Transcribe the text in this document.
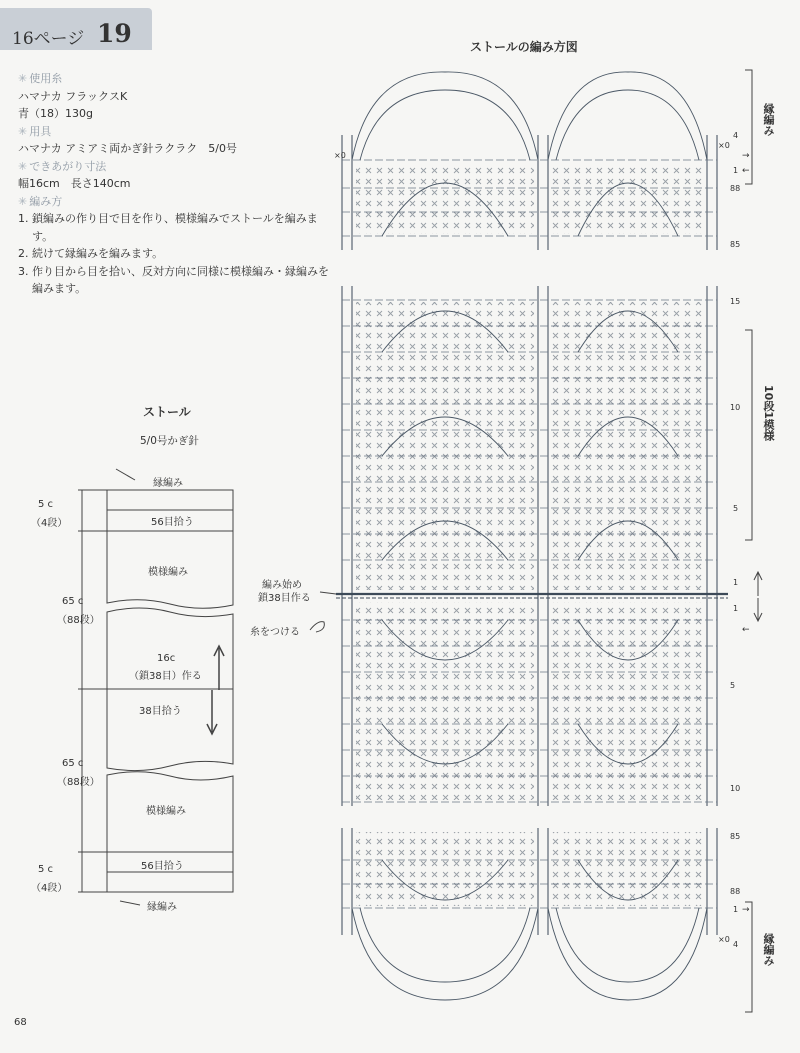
16ページ 19
✳ 使用糸
ハマナカ フラックスK
青（18）130g
✳ 用具
ハマナカ アミアミ両かぎ針ラクラク　5/0号
✳ できあがり寸法
幅16cm　長さ140cm
✳ 編み方
1. 鎖編みの作り目で目を作り、模様編みでストールを編みます。
2. 続けて縁編みを編みます。
3. 作り目から目を拾い、反対方向に同様に模様編み・縁編みを編みます。
ストール
5/0号かぎ針
縁編み
56目拾う
模様編み
16c
（鎖38目）作る
38目拾う
模様編み
56目拾う
縁編み
5 c
（4段）
65 c
（88段）
65 c
（88段）
5 c
（4段）
ストールの編み方図
編み始め
鎖38目作る
糸をつける
縁編み
10段1模様
縁編み
4
1
88
85
15
10
5
1
1
5
10
85
88
1
4
×0
×0
×0
→
←
←
→
68
